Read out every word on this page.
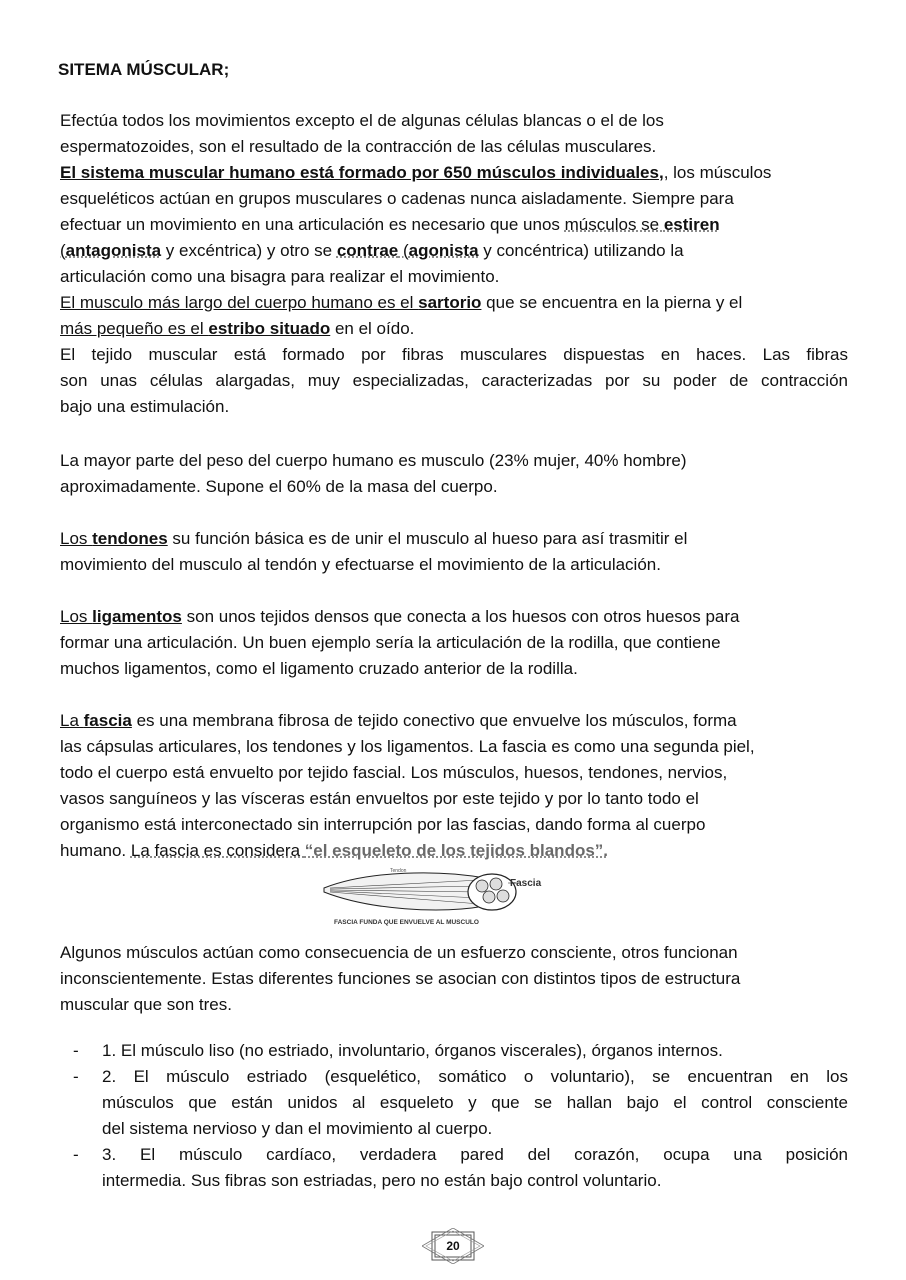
SITEMA MÚSCULAR;
Efectúa todos los movimientos excepto el de algunas células blancas o el de los
espermatozoides, son el resultado de la contracción de las células musculares.
El sistema muscular humano está formado por 650 músculos individuales,, los músculos
esqueléticos actúan en grupos musculares o cadenas nunca aisladamente. Siempre para
efectuar un movimiento en una articulación es necesario que unos músculos se estiren
(antagonista y excéntrica) y otro se contrae (agonista y concéntrica) utilizando la
articulación como una bisagra para realizar el movimiento.
El musculo más largo del cuerpo humano es el sartorio que se encuentra en la pierna y el
más pequeño es el estribo situado en el oído.
El tejido muscular está formado por fibras musculares dispuestas en haces. Las fibras
son unas células alargadas, muy especializadas, caracterizadas por su poder de contracción
bajo una estimulación.
La mayor parte del peso del cuerpo humano es musculo (23% mujer, 40% hombre)
aproximadamente. Supone el 60% de la masa del cuerpo.
Los tendones su función básica es de unir el musculo al hueso para así trasmitir el
movimiento del musculo al tendón y efectuarse el movimiento de la articulación.
Los ligamentos son unos tejidos densos que conecta a los huesos con otros huesos para
formar una articulación. Un buen ejemplo sería la articulación de la rodilla, que contiene
muchos ligamentos, como el ligamento cruzado anterior de la rodilla.
La fascia es una membrana fibrosa de tejido conectivo que envuelve los músculos, forma
las cápsulas articulares, los tendones y los ligamentos. La fascia es como una segunda piel,
todo el cuerpo está envuelto por tejido fascial. Los músculos, huesos, tendones, nervios,
vasos sanguíneos y las vísceras están envueltos por este tejido y por lo tanto todo el
organismo está interconectado sin interrupción por las fascias, dando forma al cuerpo
humano. La fascia es considera “el esqueleto de los tejidos blandos”.
Tendon
Fascia
FASCIA FUNDA QUE ENVUELVE AL MUSCULO
Algunos músculos actúan como consecuencia de un esfuerzo consciente, otros funcionan
inconscientemente. Estas diferentes funciones se asocian con distintos tipos de estructura
muscular que son tres.
- 1. El músculo liso (no estriado, involuntario, órganos viscerales), órganos internos.
- 2. El músculo estriado (esquelético, somático o voluntario), se encuentran en los
músculos que están unidos al esqueleto y que se hallan bajo el control consciente
del sistema nervioso y dan el movimiento al cuerpo.
- 3. El músculo cardíaco, verdadera pared del corazón, ocupa una posición
intermedia. Sus fibras son estriadas, pero no están bajo control voluntario.
20
